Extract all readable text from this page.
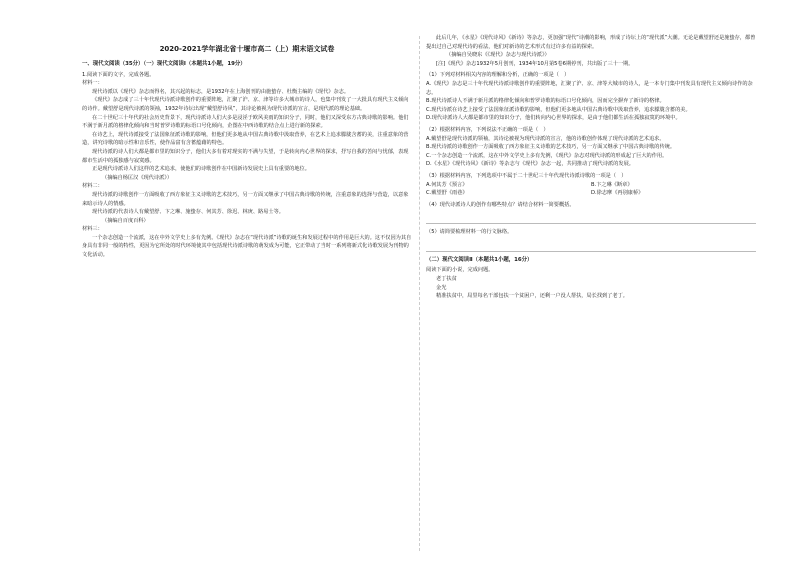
2020-2021学年湖北省十堰市高二（上）期末语文试卷
一、现代文阅读（35分）（一）现代文阅读Ⅰ（本题共1小题，19分）

1.阅读下面的文字，完成各题。

材料一：

现代诗派以《现代》杂志而得名，其兴起的标志，是1932年在上海创刊的由施蛰存、杜衡主编的《现代》杂志。

《现代》杂志成了三十年代现代诗派诗歌创作的重要阵地，汇聚了沪、京、津等许多大城市的诗人，也集中刊发了一大批具有现代主义倾向的诗作。戴望舒是现代诗派的领袖，1932年诗坛出现“戴望舒诗风”，其诗论被视为现代诗派的宣言，是现代派的理论基础。

在二十世纪三十年代的社会历史背景下，现代诗派诗人们大多是浸淫于欧风美雨的知识分子，同时，他们又深受东方古典诗歌的影响。他们不满于新月派的格律化倾向和当时普罗诗歌的标语口号化倾向，企图在中西诗歌的结合点上进行新的探索。

在诗艺上，现代诗派接受了法国象征派诗歌的影响，但他们更多地从中国古典诗歌中汲取营养，在艺术上追求朦胧含蓄的美，注重意象的营造，讲究诗歌的暗示性和音乐性，使作品富有含蓄蕴藉的特色。

现代诗派的诗人们大都是都市里的知识分子，他们大多有着对现实的不满与失望，于是转向内心世界的探求，抒写自我的苦闷与忧郁，表现都市生活中的孤独感与寂寞感。

正是现代诗派诗人们这样的艺术追求，使他们的诗歌创作在中国新诗发展史上具有重要的地位。

（摘编自杨匡汉《现代诗派》）

材料二：

现代诗派的诗歌创作一方面吸收了西方象征主义诗歌的艺术技巧，另一方面又继承了中国古典诗歌的传统，注重意象的选择与营造，以意象来暗示诗人的情感。

现代诗派的代表诗人有戴望舒、卞之琳、施蛰存、何其芳、徐迟、林庚、路易士等。

（摘编自百度百科）

材料三：

一个杂志创造一个流派，这在中外文学史上多有先例。《现代》杂志在“现代诗派”诗歌的诞生和发展过程中的作用是巨大的。这不仅因为其自身具有非同一般的特性，更因为它所处的时代环境使其中包括现代诗派诗歌的萌发成为可能，它正带动了当时一系列将新式化诗歌发展为刊物的文化活动。

此后几年，《水星》《现代诗风》《新诗》等杂志，更加强“现代”诗潮的影响，形成了诗坛上的“现代派”大潮。无论是戴望舒还是施蛰存，都曾提出过自己对现代诗的看法，他们对新诗的艺术形式有过许多有益的探索。

（摘编自吴晓东《《现代》杂志与现代诗派》）

[注]《现代》杂志1932年5月创刊，1934年10月第5卷6期停刊，共出版了三十一期。

（1）下列对材料相关内容的理解和分析，正确的一项是（　）

A.《现代》杂志是三十年代现代诗派诗歌创作的重要阵地，汇聚了沪、京、津等大城市的诗人，是一本专门集中刊发具有现代主义倾向诗作的杂志。

B.现代诗派诗人不满于新月派的格律化倾向和普罗诗歌的标语口号化倾向，因而完全摒弃了新诗的格律。

C.现代诗派在诗艺上接受了法国象征派诗歌的影响，但他们更多地从中国古典诗歌中汲取营养，追求朦胧含蓄的美。

D.现代诗派诗人大都是都市里的知识分子，他们转向内心世界的探求，是由于他们都生活在孤独寂寞的环境中。

（2）根据材料内容，下列说法不正确的一项是（　）

A.戴望舒是现代诗派的领袖，其诗论被视为现代诗派的宣言，他的诗歌创作体现了现代诗派的艺术追求。

B.现代诗派的诗歌创作一方面吸收了西方象征主义诗歌的艺术技巧，另一方面又继承了中国古典诗歌的传统。

C.一个杂志创造一个流派，这在中外文学史上多有先例，《现代》杂志对现代诗派的形成起了巨大的作用。

D.《水星》《现代诗风》《新诗》等杂志与《现代》杂志一起，共同推动了现代诗派的发展。

（3）根据材料内容，下列选项中不属于二十世纪三十年代现代诗派诗歌的一项是（　）

A.何其芳《预言》	B.卞之琳《断章》
C.戴望舒《雨巷》	D.徐志摩《再别康桥》

（4）现代诗派诗人的创作有哪些特点？请结合材料一简要概括。

（5）请简要梳理材料一的行文脉络。

（二）现代文阅读Ⅱ（本题共1小题，16分）

阅读下面的小说，完成问题。

老丁扶贫

金光

精准扶贫中，局里每名干部包扶一个贫困户，还剩一户没人帮扶，局长找到了老丁。
